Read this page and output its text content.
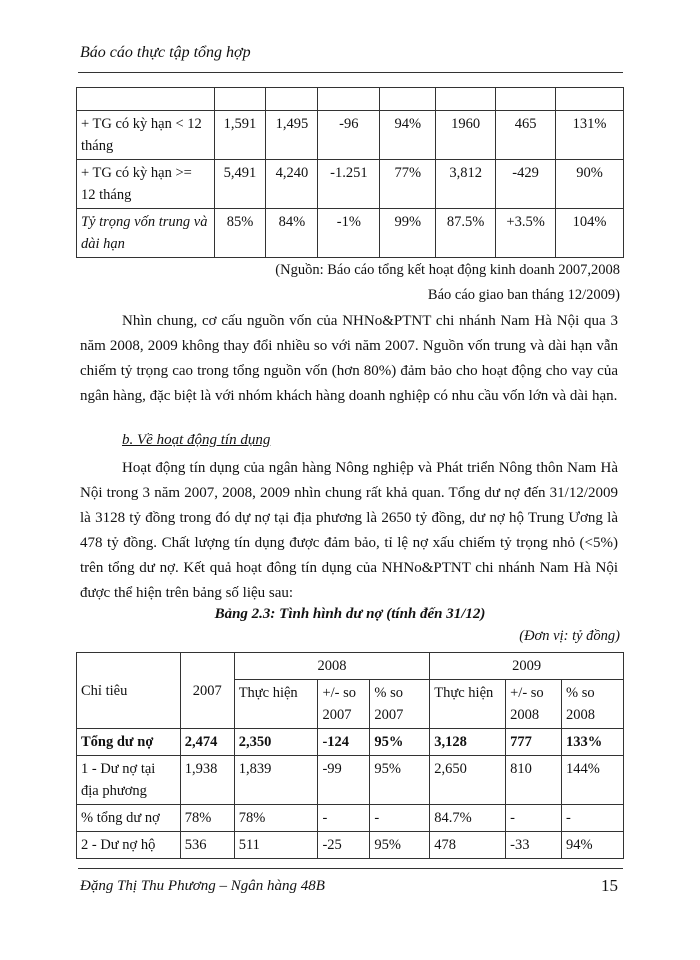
Báo cáo thực tập tổng hợp

+ TG có kỳ hạn < 12 tháng	1,591	1,495	-96	94%	1960	465	131%
+ TG có kỳ hạn >= 12 tháng	5,491	4,240	-1.251	77%	3,812	-429	90%
Tỷ trọng vốn trung và dài hạn	85%	84%	-1%	99%	87.5%	+3.5%	104%
(Nguồn: Báo cáo tổng kết hoạt động kinh doanh 2007,2008
Báo cáo giao ban tháng 12/2009)

Nhìn chung, cơ cấu nguồn vốn của NHNo&PTNT chi nhánh Nam Hà Nội qua 3 năm 2008, 2009 không thay đổi nhiều so với năm 2007. Nguồn vốn trung và dài hạn vẫn chiếm tỷ trọng cao trong tổng nguồn vốn (hơn 80%) đảm bảo cho hoạt động cho vay của ngân hàng, đặc biệt là với nhóm khách hàng doanh nghiệp có nhu cầu vốn lớn và dài hạn.

b. Về hoạt động tín dụng

Hoạt động tín dụng của ngân hàng Nông nghiệp và Phát triển Nông thôn Nam Hà Nội trong 3 năm 2007, 2008, 2009 nhìn chung rất khả quan. Tổng dư nợ đến 31/12/2009 là 3128 tỷ đồng trong đó dự nợ tại địa phương là 2650 tỷ đồng, dư nợ hộ Trung Ương là 478 tỷ đồng. Chất lượng tín dụng được đảm bảo, tỉ lệ nợ xấu chiếm tỷ trọng nhỏ (<5%) trên tổng dư nợ. Kết quả hoạt đông tín dụng của NHNo&PTNT chi nhánh Nam Hà Nội được thể hiện trên bảng số liệu sau:

Bảng 2.3: Tình hình dư nợ (tính đến 31/12)
(Đơn vị: tỷ đồng)
Chỉ tiêu	2007	2008			2009		
		Thực hiện	+/- so 2007	% so 2007	Thực hiện	+/- so 2008	% so 2008
Tổng dư nợ	2,474	2,350	-124	95%	3,128	777	133%
1 - Dư nợ tại địa phương	1,938	1,839	-99	95%	2,650	810	144%
% tổng dư nợ	78%	78%	-	-	84.7%	-	-
2 - Dư nợ hộ	536	511	-25	95%	478	-33	94%
Đặng Thị Thu Phương – Ngân hàng 48B	15
